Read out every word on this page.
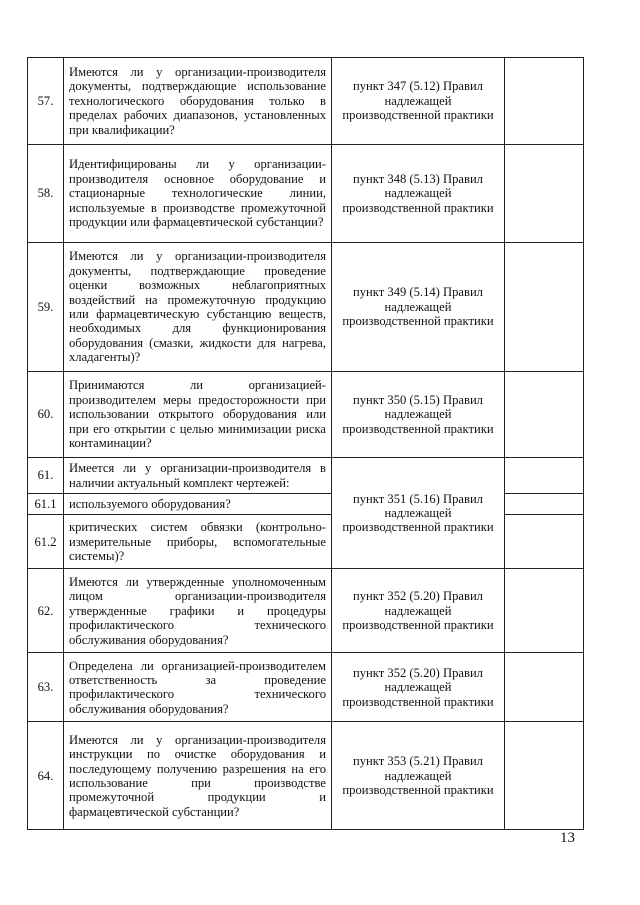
57.	Имеются ли у организации-производителя документы, подтверждающие использование технологического оборудования только в пределах рабочих диапазонов, установленных при квалификации?	пункт 347 (5.12) Правил надлежащей производственной практики	
58.	Идентифицированы ли у организации-производителя основное оборудование и стационарные технологические линии, используемые в производстве промежуточной продукции или фармацевтической субстанции?	пункт 348 (5.13) Правил надлежащей производственной практики	
59.	Имеются ли у организации-производителя документы, подтверждающие проведение оценки возможных неблагоприятных воздействий на промежуточную продукцию или фармацевтическую субстанцию веществ, необходимых для функционирования оборудования (смазки, жидкости для нагрева, хладагенты)?	пункт 349 (5.14) Правил надлежащей производственной практики	
60.	Принимаются ли организацией-производителем меры предосторожности при использовании открытого оборудования или при его открытии с целью минимизации риска контаминации?	пункт 350 (5.15) Правил надлежащей производственной практики	
61.	Имеется ли у организации-производителя в наличии актуальный комплект чертежей:	пункт 351 (5.16) Правил надлежащей производственной практики	
61.1	используемого оборудования?		
61.2	критических систем обвязки (контрольно-измерительные приборы, вспомогательные системы)?		
62.	Имеются ли утвержденные уполномоченным лицом организации-производителя утвержденные графики и процедуры профилактического технического обслуживания оборудования?	пункт 352 (5.20) Правил надлежащей производственной практики	
63.	Определена ли организацией-производителем ответственность за проведение профилактического технического обслуживания оборудования?	пункт 352 (5.20) Правил надлежащей производственной практики	
64.	Имеются ли у организации-производителя инструкции по очистке оборудования и последующему получению разрешения на его использование при производстве промежуточной продукции и фармацевтической субстанции?	пункт 353 (5.21) Правил надлежащей производственной практики	
13
